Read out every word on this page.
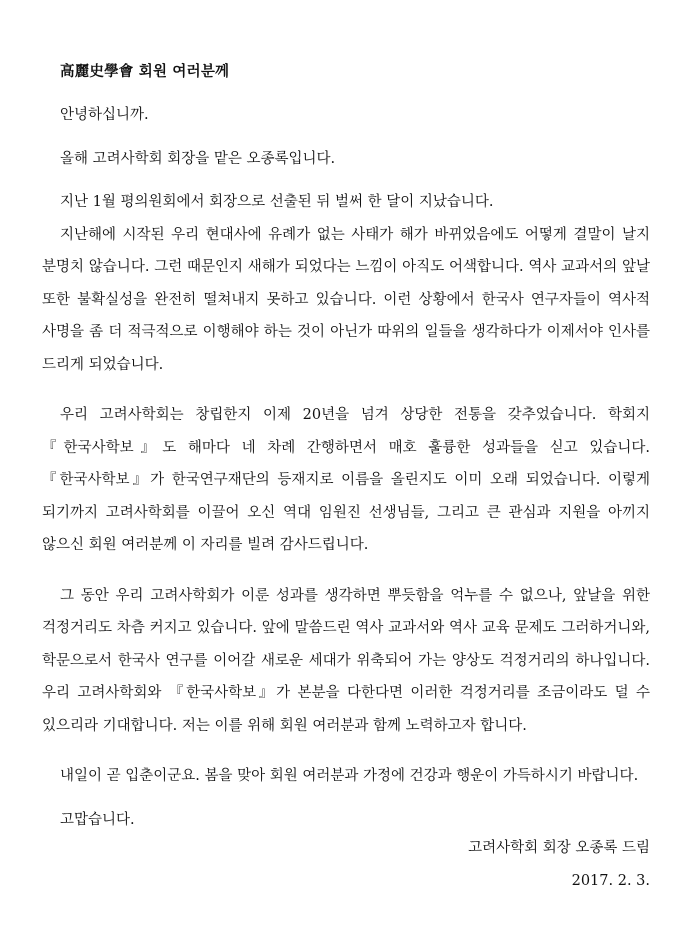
高麗史學會 회원 여러분께

안녕하십니까.

올해 고려사학회 회장을 맡은 오종록입니다.

지난 1월 평의원회에서 회장으로 선출된 뒤 벌써 한 달이 지났습니다.

지난해에 시작된 우리 현대사에 유례가 없는 사태가 해가 바뀌었음에도 어떻게 결말이 날지 분명치 않습니다. 그런 때문인지 새해가 되었다는 느낌이 아직도 어색합니다. 역사 교과서의 앞날 또한 불확실성을 완전히 떨쳐내지 못하고 있습니다. 이런 상황에서 한국사 연구자들이 역사적 사명을 좀 더 적극적으로 이행해야 하는 것이 아닌가 따위의 일들을 생각하다가 이제서야 인사를 드리게 되었습니다.

우리 고려사학회는 창립한지 이제 20년을 넘겨 상당한 전통을 갖추었습니다. 학회지 『한국사학보』도 해마다 네 차례 간행하면서 매호 훌륭한 성과들을 싣고 있습니다. 『한국사학보』가 한국연구재단의 등재지로 이름을 올린지도 이미 오래 되었습니다. 이렇게 되기까지 고려사학회를 이끌어 오신 역대 임원진 선생님들, 그리고 큰 관심과 지원을 아끼지 않으신 회원 여러분께 이 자리를 빌려 감사드립니다.

그 동안 우리 고려사학회가 이룬 성과를 생각하면 뿌듯함을 억누를 수 없으나, 앞날을 위한 걱정거리도 차츰 커지고 있습니다. 앞에 말씀드린 역사 교과서와 역사 교육 문제도 그러하거니와, 학문으로서 한국사 연구를 이어갈 새로운 세대가 위축되어 가는 양상도 걱정거리의 하나입니다. 우리 고려사학회와 『한국사학보』가 본분을 다한다면 이러한 걱정거리를 조금이라도 덜 수 있으리라 기대합니다. 저는 이를 위해 회원 여러분과 함께 노력하고자 합니다.

내일이 곧 입춘이군요. 봄을 맞아 회원 여러분과 가정에 건강과 행운이 가득하시기 바랍니다.

고맙습니다.

고려사학회 회장 오종록 드림
2017. 2. 3.
